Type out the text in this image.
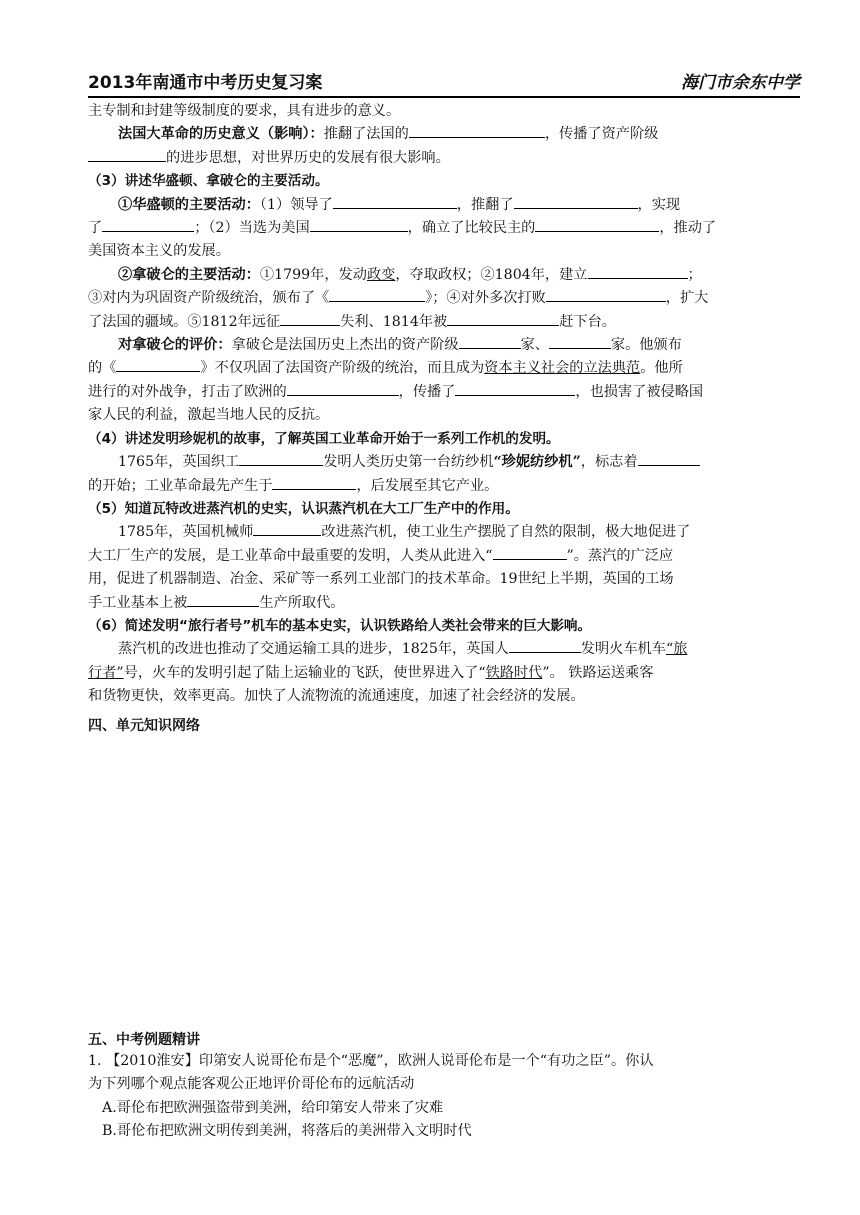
2013年南通市中考历史复习案	海门市余东中学

主专制和封建等级制度的要求，具有进步的意义。

法国大革命的历史意义（影响）：推翻了法国的	，传播了资产阶级

的进步思想，对世界历史的发展有很大影响。

（3）讲述华盛顿、拿破仑的主要活动。

①华盛顿的主要活动：（1）领导了	，推翻了	，实现

了	；（2）当选为美国	，确立了比较民主的	，推动了

美国资本主义的发展。

②拿破仑的主要活动：①1799年，发动政变，夺取政权；②1804年，建立	；

③对内为巩固资产阶级统治，颁布了《	》；④对外多次打败	，扩大

了法国的疆域。⑤1812年远征	失利、1814年被	赶下台。

对拿破仑的评价：拿破仑是法国历史上杰出的资产阶级	家、	家。他颁布

的《	》不仅巩固了法国资产阶级的统治，而且成为资本主义社会的立法典范。他所

进行的对外战争，打击了欧洲的	，传播了	，也损害了被侵略国

家人民的利益，激起当地人民的反抗。

（4）讲述发明珍妮机的故事，了解英国工业革命开始于一系列工作机的发明。

1765年，英国织工	发明人类历史第一台纺纱机“珍妮纺纱机”，标志着

的开始；工业革命最先产生于	，后发展至其它产业。

（5）知道瓦特改进蒸汽机的史实，认识蒸汽机在大工厂生产中的作用。

1785年，英国机械师	改进蒸汽机，使工业生产摆脱了自然的限制，极大地促进了

大工厂生产的发展，是工业革命中最重要的发明，人类从此进入“	”。蒸汽的广泛应

用，促进了机器制造、冶金、采矿等一系列工业部门的技术革命。19世纪上半期，英国的工场

手工业基本上被	生产所取代。

（6）简述发明“旅行者号”机车的基本史实，认识铁路给人类社会带来的巨大影响。

蒸汽机的改进也推动了交通运输工具的进步，1825年，英国人	发明火车机车“旅

行者”号，火车的发明引起了陆上运输业的飞跃，使世界进入了“铁路时代”。 铁路运送乘客

和货物更快，效率更高。加快了人流物流的流通速度，加速了社会经济的发展。

四、单元知识网络
五、中考例题精讲

1. 【2010淮安】印第安人说哥伦布是个“恶魔”，欧洲人说哥伦布是一个“有功之臣”。你认

为下列哪个观点能客观公正地评价哥伦布的远航活动

A.哥伦布把欧洲强盗带到美洲，给印第安人带来了灾难

B.哥伦布把欧洲文明传到美洲，将落后的美洲带入文明时代
